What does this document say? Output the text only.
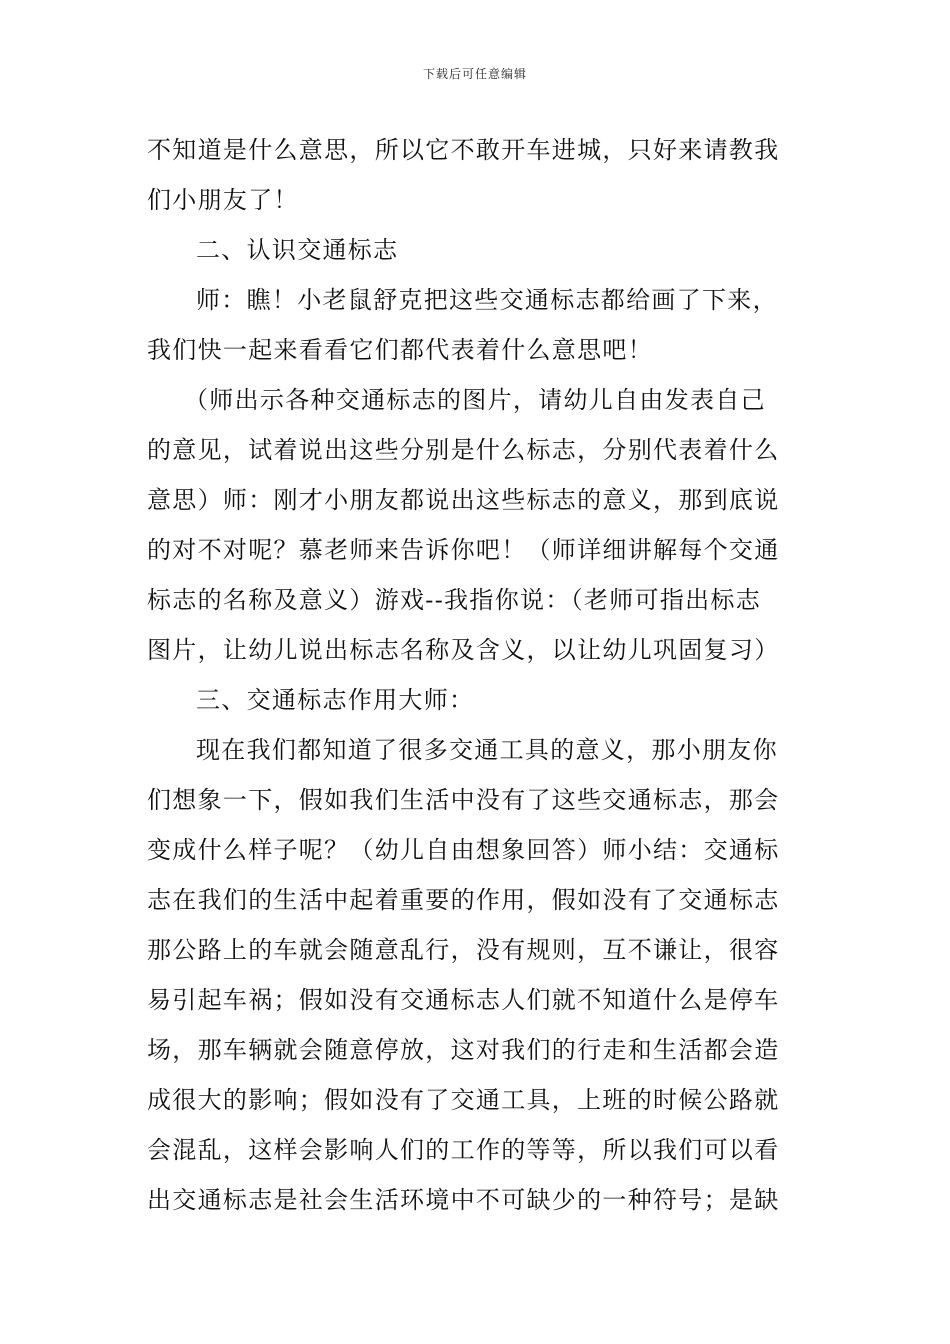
下载后可任意编辑
不知道是什么意思，所以它不敢开车进城，只好来请教我
们小朋友了！
二、认识交通标志
师：瞧！小老鼠舒克把这些交通标志都给画了下来，
我们快一起来看看它们都代表着什么意思吧！
（师出示各种交通标志的图片，请幼儿自由发表自己
的意见，试着说出这些分别是什么标志，分别代表着什么
意思）师：刚才小朋友都说出这些标志的意义，那到底说
的对不对呢？慕老师来告诉你吧！（师详细讲解每个交通
标志的名称及意义）游戏--我指你说：（老师可指出标志
图片，让幼儿说出标志名称及含义，以让幼儿巩固复习）
三、交通标志作用大师：
现在我们都知道了很多交通工具的意义，那小朋友你
们想象一下，假如我们生活中没有了这些交通标志，那会
变成什么样子呢？（幼儿自由想象回答）师小结：交通标
志在我们的生活中起着重要的作用，假如没有了交通标志
那公路上的车就会随意乱行，没有规则，互不谦让，很容
易引起车祸；假如没有交通标志人们就不知道什么是停车
场，那车辆就会随意停放，这对我们的行走和生活都会造
成很大的影响；假如没有了交通工具，上班的时候公路就
会混乱，这样会影响人们的工作的等等，所以我们可以看
出交通标志是社会生活环境中不可缺少的一种符号；是缺
